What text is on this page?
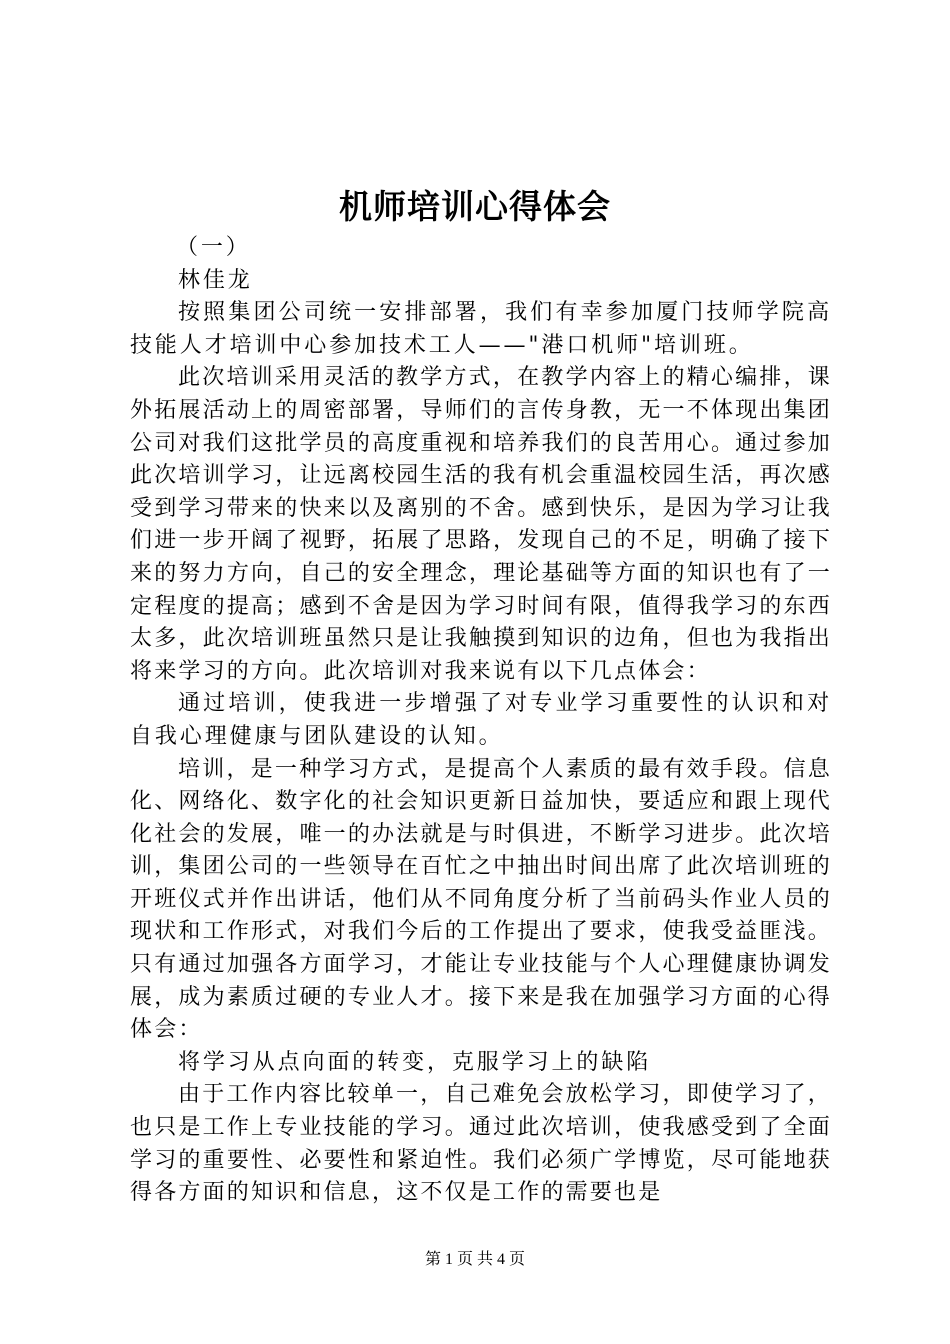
机师培训心得体会

（一）

林佳龙

按照集团公司统一安排部署，我们有幸参加厦门技师学院高技能人才培训中心参加技术工人——"港口机师"培训班。

此次培训采用灵活的教学方式，在教学内容上的精心编排，课外拓展活动上的周密部署，导师们的言传身教，无一不体现出集团公司对我们这批学员的高度重视和培养我们的良苦用心。通过参加此次培训学习，让远离校园生活的我有机会重温校园生活，再次感受到学习带来的快来以及离别的不舍。感到快乐，是因为学习让我们进一步开阔了视野，拓展了思路，发现自己的不足，明确了接下来的努力方向，自己的安全理念，理论基础等方面的知识也有了一定程度的提高；感到不舍是因为学习时间有限，值得我学习的东西太多，此次培训班虽然只是让我触摸到知识的边角，但也为我指出将来学习的方向。此次培训对我来说有以下几点体会：

通过培训，使我进一步增强了对专业学习重要性的认识和对自我心理健康与团队建设的认知。

培训，是一种学习方式，是提高个人素质的最有效手段。信息化、网络化、数字化的社会知识更新日益加快，要适应和跟上现代化社会的发展，唯一的办法就是与时俱进，不断学习进步。此次培训，集团公司的一些领导在百忙之中抽出时间出席了此次培训班的开班仪式并作出讲话，他们从不同角度分析了当前码头作业人员的现状和工作形式，对我们今后的工作提出了要求，使我受益匪浅。只有通过加强各方面学习，才能让专业技能与个人心理健康协调发展，成为素质过硬的专业人才。接下来是我在加强学习方面的心得体会：

将学习从点向面的转变，克服学习上的缺陷

由于工作内容比较单一，自己难免会放松学习，即使学习了，也只是工作上专业技能的学习。通过此次培训，使我感受到了全面学习的重要性、必要性和紧迫性。我们必须广学博览，尽可能地获得各方面的知识和信息，这不仅是工作的需要也是

第 1 页 共 4 页
